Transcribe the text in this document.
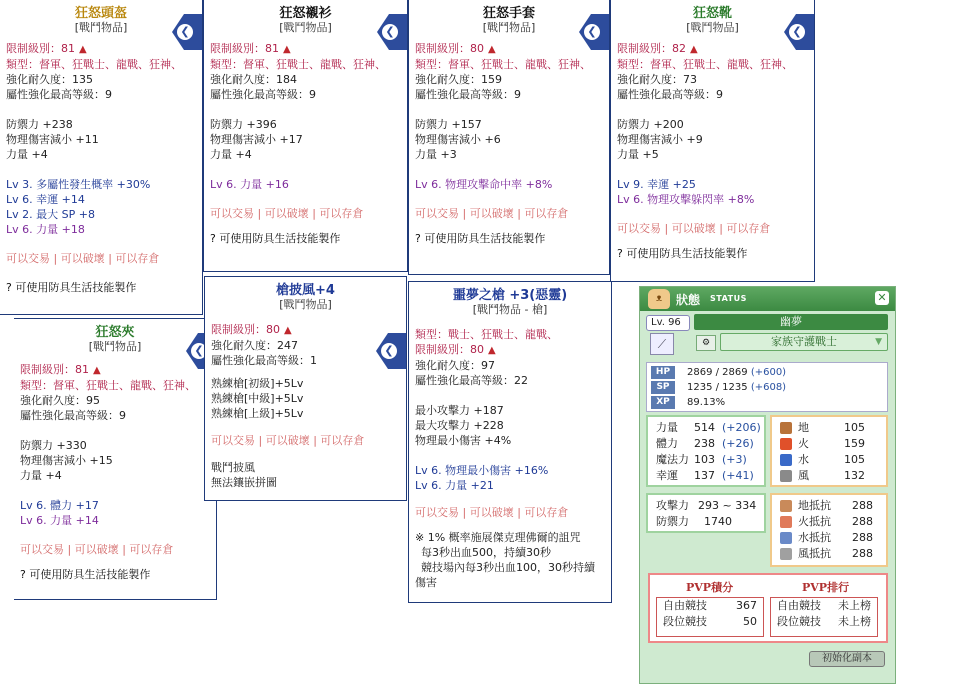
❮
狂怒頭盔
[戰鬥物品]
限制級別：81 ▲
類型：督軍、狂戰士、龍戰、狂神、
強化耐久度：135
屬性強化最高等級：9
防禦力 +238
物理傷害減小 +11
力量 +4
Lv 3. 多屬性發生概率 +30%
Lv 6. 幸運 +14
Lv 2. 最大 SP +8
Lv 6. 力量 +18
可以交易 | 可以破壞 | 可以存倉
? 可使用防具生活技能製作
❮
狂怒襯衫
[戰鬥物品]
限制級別：81 ▲
類型：督軍、狂戰士、龍戰、狂神、
強化耐久度：184
屬性強化最高等級：9
防禦力 +396
物理傷害減小 +17
力量 +4
Lv 6. 力量 +16
可以交易 | 可以破壞 | 可以存倉
? 可使用防具生活技能製作
❮
狂怒手套
[戰鬥物品]
限制級別：80 ▲
類型：督軍、狂戰士、龍戰、狂神、
強化耐久度：159
屬性強化最高等級：9
防禦力 +157
物理傷害減小 +6
力量 +3
Lv 6. 物理攻擊命中率 +8%
可以交易 | 可以破壞 | 可以存倉
? 可使用防具生活技能製作
❮
狂怒靴
[戰鬥物品]
限制級別：82 ▲
類型：督軍、狂戰士、龍戰、狂神、
強化耐久度：73
屬性強化最高等級：9
防禦力 +200
物理傷害減小 +9
力量 +5
Lv 9. 幸運 +25
Lv 6. 物理攻擊躲閃率 +8%
可以交易 | 可以破壞 | 可以存倉
? 可使用防具生活技能製作
❮
狂怒夾
[戰鬥物品]
限制級別：81 ▲
類型：督軍、狂戰士、龍戰、狂神、
強化耐久度：95
屬性強化最高等級：9
防禦力 +330
物理傷害減小 +15
力量 +4
Lv 6. 體力 +17
Lv 6. 力量 +14
可以交易 | 可以破壞 | 可以存倉
? 可使用防具生活技能製作
❮
槍披風+4
[戰鬥物品]
限制級別：80 ▲
強化耐久度：247
屬性強化最高等級：1
熟練槍[初級]+5Lv
熟練槍[中級]+5Lv
熟練槍[上級]+5Lv
可以交易 | 可以破壞 | 可以存倉
戰鬥披風
無法鑲嵌拼圖
噩夢之槍 +3(惡靈)
[戰鬥物品 - 槍]
類型：戰士、狂戰士、龍戰、
限制級別：80 ▲
強化耐久度：97
屬性強化最高等級：22
最小攻擊力 +187
最大攻擊力 +228
物理最小傷害 +4%
Lv 6. 物理最小傷害 +16%
Lv 6. 力量 +21
可以交易 | 可以破壞 | 可以存倉
※ 1% 概率施展傑克理佛爾的詛咒
每3秒出血500，持續30秒
競技場內每3秒出血100，30秒持續
傷害
ᴥ	狀態 STATUS	✕
Lv. 96	幽夢
⟋	⚙	家族守護戰士	▼
HP	2869 / 2869 (+600)
SP	1235 / 1235 (+608)
XP	89.13%
力量 514 (+206)
體力 238 (+26)
魔法力 103 (+3)
幸運 137 (+41)
地	105
火	159
水	105
風	132
攻擊力 293 ~ 334
防禦力 1740
地抵抗 288
火抵抗 288
水抵抗 288
風抵抗 288
PVP積分	PVP排行
自由競技	367
段位競技	50
自由競技 未上榜
段位競技 未上榜
初始化副本
